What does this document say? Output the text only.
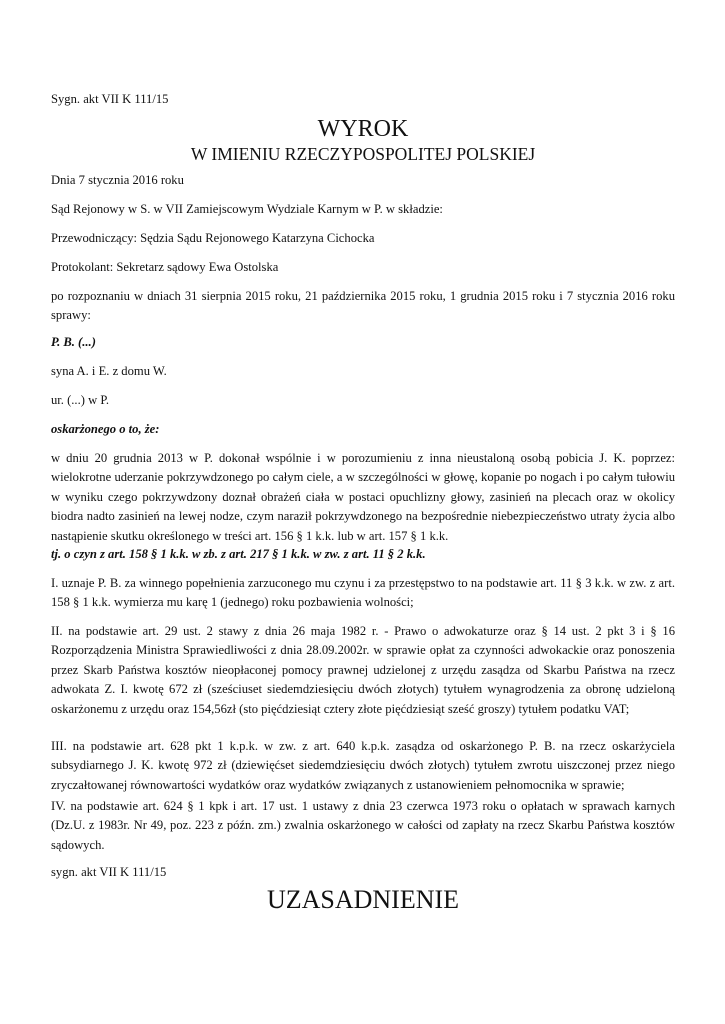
Sygn. akt VII K 111/15

WYROK

W IMIENIU RZECZYPOSPOLITEJ POLSKIEJ

Dnia 7 stycznia 2016 roku

Sąd Rejonowy w S. w VII Zamiejscowym Wydziale Karnym w P. w składzie:

Przewodniczący: Sędzia Sądu Rejonowego Katarzyna Cichocka

Protokolant: Sekretarz sądowy Ewa Ostolska

po rozpoznaniu w dniach 31 sierpnia 2015 roku, 21 października 2015 roku, 1 grudnia 2015 roku i 7 stycznia 2016 roku sprawy:

P. B. (...)

syna A. i E. z domu W.

ur. (...) w P.

oskarżonego o to, że:

w dniu 20 grudnia 2013 w P. dokonał wspólnie i w porozumieniu z inna nieustaloną osobą pobicia J. K. poprzez: wielokrotne uderzanie pokrzywdzonego po całym ciele, a w szczególności w głowę, kopanie po nogach i po całym tułowiu w wyniku czego pokrzywdzony doznał obrażeń ciała w postaci opuchlizny głowy, zasinień na plecach oraz w okolicy biodra nadto zasinień na lewej nodze, czym naraził pokrzywdzonego na bezpośrednie niebezpieczeństwo utraty życia albo nastąpienie skutku określonego w treści art. 156 § 1 k.k. lub w art. 157 § 1 k.k.

tj. o czyn z art. 158 § 1 k.k. w zb. z art. 217 § 1 k.k. w zw. z art. 11 § 2 k.k.

I. uznaje P. B. za winnego popełnienia zarzuconego mu czynu i za przestępstwo to na podstawie art. 11 § 3 k.k. w zw. z art. 158 § 1 k.k. wymierza mu karę 1 (jednego) roku pozbawienia wolności;

II. na podstawie art. 29 ust. 2 stawy z dnia 26 maja 1982 r. - Prawo o adwokaturze oraz § 14 ust. 2 pkt 3 i § 16 Rozporządzenia Ministra Sprawiedliwości z dnia 28.09.2002r. w sprawie opłat za czynności adwokackie oraz ponoszenia przez Skarb Państwa kosztów nieopłaconej pomocy prawnej udzielonej z urzędu zasądza od Skarbu Państwa na rzecz adwokata Z. I. kwotę 672 zł (sześciuset siedemdziesięciu dwóch złotych) tytułem wynagrodzenia za obronę udzieloną oskarżonemu z urzędu oraz 154,56zł (sto pięćdziesiąt cztery złote pięćdziesiąt sześć groszy) tytułem podatku VAT;

III. na podstawie art. 628 pkt 1 k.p.k. w zw. z art. 640 k.p.k. zasądza od oskarżonego P. B. na rzecz oskarżyciela subsydiarnego J. K. kwotę 972 zł (dziewięćset siedemdziesięciu dwóch złotych) tytułem zwrotu uiszczonej przez niego zryczałtowanej równowartości wydatków oraz wydatków związanych z ustanowieniem pełnomocnika w sprawie;

IV. na podstawie art. 624 § 1 kpk i art. 17 ust. 1 ustawy z dnia 23 czerwca 1973 roku o opłatach w sprawach karnych (Dz.U. z 1983r. Nr 49, poz. 223 z późn. zm.) zwalnia oskarżonego w całości od zapłaty na rzecz Skarbu Państwa kosztów sądowych.

sygn. akt VII K 111/15

UZASADNIENIE
